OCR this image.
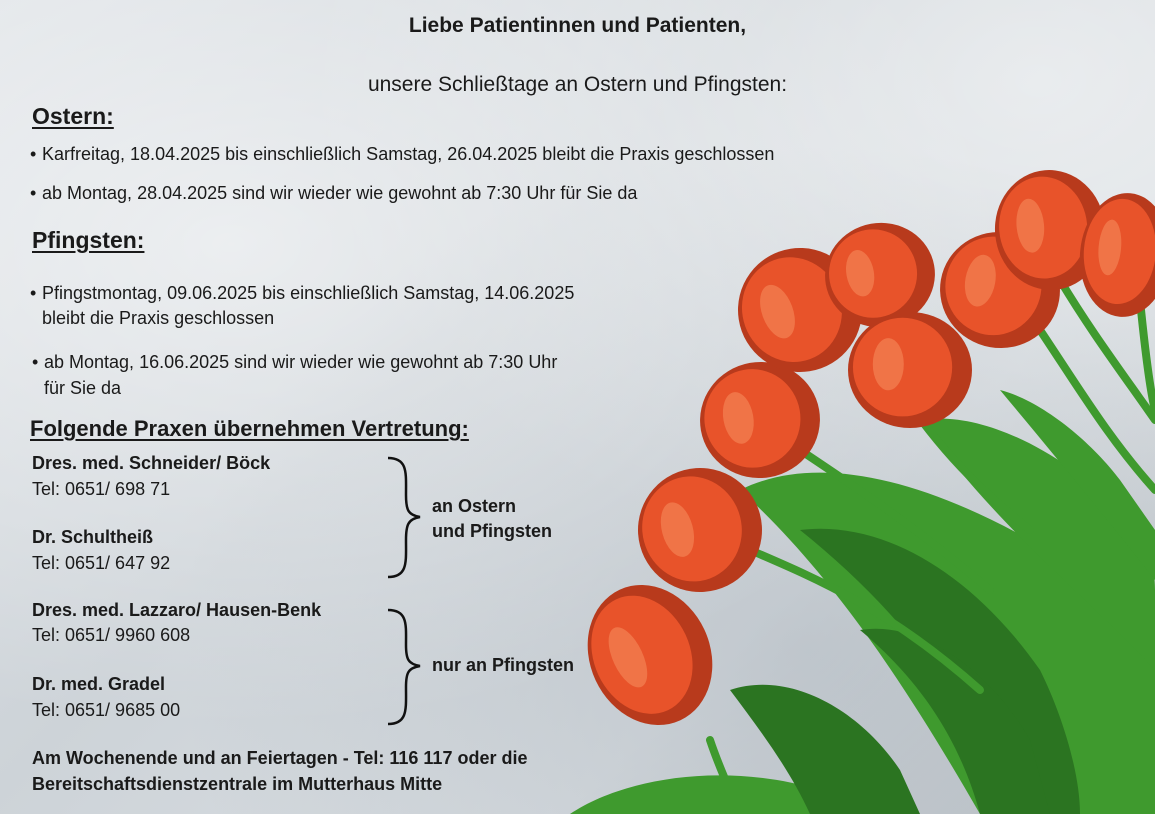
Liebe Patientinnen und Patienten,
unsere Schließtage an Ostern und Pfingsten:
Ostern:
• Karfreitag, 18.04.2025 bis einschließlich Samstag, 26.04.2025 bleibt die Praxis geschlossen
• ab Montag, 28.04.2025 sind wir wieder wie gewohnt ab 7:30 Uhr für Sie da
Pfingsten:
• Pfingstmontag, 09.06.2025 bis einschließlich Samstag, 14.06.2025
bleibt die Praxis geschlossen
• ab Montag, 16.06.2025 sind wir wieder wie gewohnt ab 7:30 Uhr
für Sie da
Folgende Praxen übernehmen Vertretung:
Dres. med. Schneider/ Böck
Tel: 0651/ 698 71
Dr. Schultheiß
Tel: 0651/ 647 92
an Ostern
und Pfingsten
Dres. med. Lazzaro/ Hausen-Benk
Tel: 0651/ 9960 608
Dr. med. Gradel
Tel: 0651/ 9685 00
nur an Pfingsten
Am Wochenende und an Feiertagen - Tel: 116 117 oder die
Bereitschaftsdienstzentrale im Mutterhaus Mitte
